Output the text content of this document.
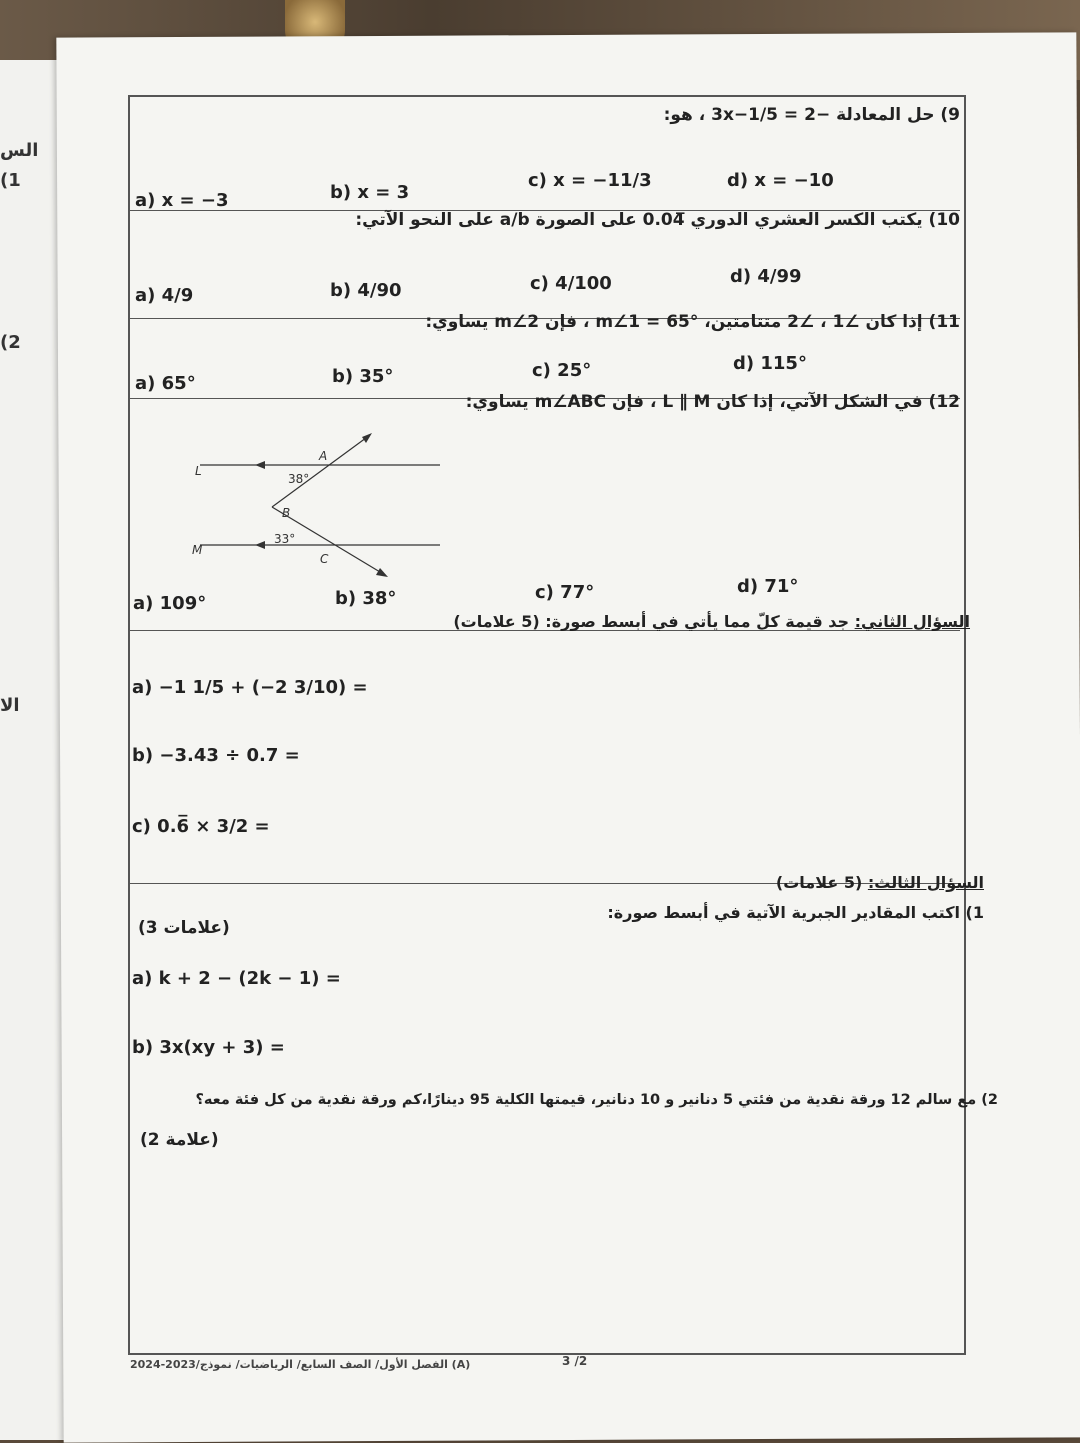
الس
(1
(2
الا
9) حل المعادلة −2 = 3x−1/5 ، هو:
a) x = −3	b) x = 3
c) x = −11/3	d) x = −10
10) يكتب الكسر العشري الدوري 0.04̅ على الصورة a/b على النحو الآتي:
a) 4/9	b) 4/90	c) 4/100	d) 4/99
11) إذا كان ∠1 ، ∠2 متتامتين، m∠1 = 65° ، فإن m∠2 يساوي:
a) 65°	b) 35°	c) 25°	d) 115°
12) في الشكل الآتي، إذا كان L ∥ M ، فإن m∠ABC يساوي:
L
M
A
B
C
38°
33°
a) 109°	b) 38°	c) 77°	d) 71°
السؤال الثاني: جد قيمة كلّ مما يأتي في أبسط صورة: (5 علامات)
a) −1 1/5 + (−2 3/10) =
b) −3.43 ÷ 0.7 =
c) 0.6̅ × 3/2 =
السؤال الثالث: (5 علامات)
1) اكتب المقادير الجبرية الآتية في أبسط صورة:
(3 علامات)
a) k + 2 − (2k − 1) =
b) 3x(xy + 3) =
2) مع سالم 12 ورقة نقدية من فئتي 5 دنانير و 10 دنانير، قيمتها الكلية 95 دينارًا،كم ورقة نقدية من كل فئة معه؟
(2 علامة)
2024-2023/الفصل الأول/ الصف السابع/ الرياضيات/ نموذج (A)	3 /2
